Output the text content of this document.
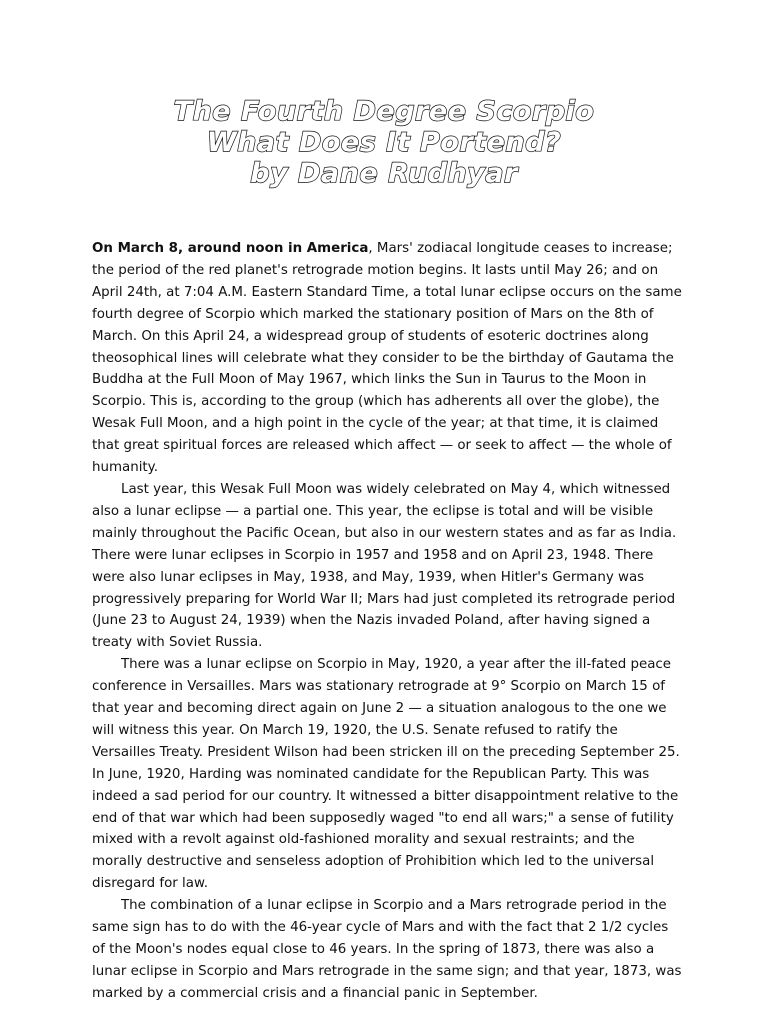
The Fourth Degree Scorpio

What Does It Portend?

by Dane Rudhyar

On March 8, around noon in America, Mars' zodiacal longitude ceases to increase; the period of the red planet's retrograde motion begins. It lasts until May 26; and on April 24th, at 7:04 A.M. Eastern Standard Time, a total lunar eclipse occurs on the same fourth degree of Scorpio which marked the stationary position of Mars on the 8th of March. On this April 24, a widespread group of students of esoteric doctrines along theosophical lines will celebrate what they consider to be the birthday of Gautama the Buddha at the Full Moon of May 1967, which links the Sun in Taurus to the Moon in Scorpio. This is, according to the group (which has adherents all over the globe), the Wesak Full Moon, and a high point in the cycle of the year; at that time, it is claimed that great spiritual forces are released which affect — or seek to affect — the whole of humanity.

Last year, this Wesak Full Moon was widely celebrated on May 4, which witnessed also a lunar eclipse — a partial one. This year, the eclipse is total and will be visible mainly throughout the Pacific Ocean, but also in our western states and as far as India. There were lunar eclipses in Scorpio in 1957 and 1958 and on April 23, 1948. There were also lunar eclipses in May, 1938, and May, 1939, when Hitler's Germany was progressively preparing for World War II; Mars had just completed its retrograde period (June 23 to August 24, 1939) when the Nazis invaded Poland, after having signed a treaty with Soviet Russia.

There was a lunar eclipse on Scorpio in May, 1920, a year after the ill-fated peace conference in Versailles. Mars was stationary retrograde at 9° Scorpio on March 15 of that year and becoming direct again on June 2 — a situation analogous to the one we will witness this year. On March 19, 1920, the U.S. Senate refused to ratify the Versailles Treaty. President Wilson had been stricken ill on the preceding September 25. In June, 1920, Harding was nominated candidate for the Republican Party. This was indeed a sad period for our country. It witnessed a bitter disappointment relative to the end of that war which had been supposedly waged "to end all wars;" a sense of futility mixed with a revolt against old-fashioned morality and sexual restraints; and the morally destructive and senseless adoption of Prohibition which led to the universal disregard for law.

The combination of a lunar eclipse in Scorpio and a Mars retrograde period in the same sign has to do with the 46-year cycle of Mars and with the fact that 2 1/2 cycles of the Moon's nodes equal close to 46 years. In the spring of 1873, there was also a lunar eclipse in Scorpio and Mars retrograde in the same sign; and that year, 1873, was marked by a commercial crisis and a financial panic in September.
